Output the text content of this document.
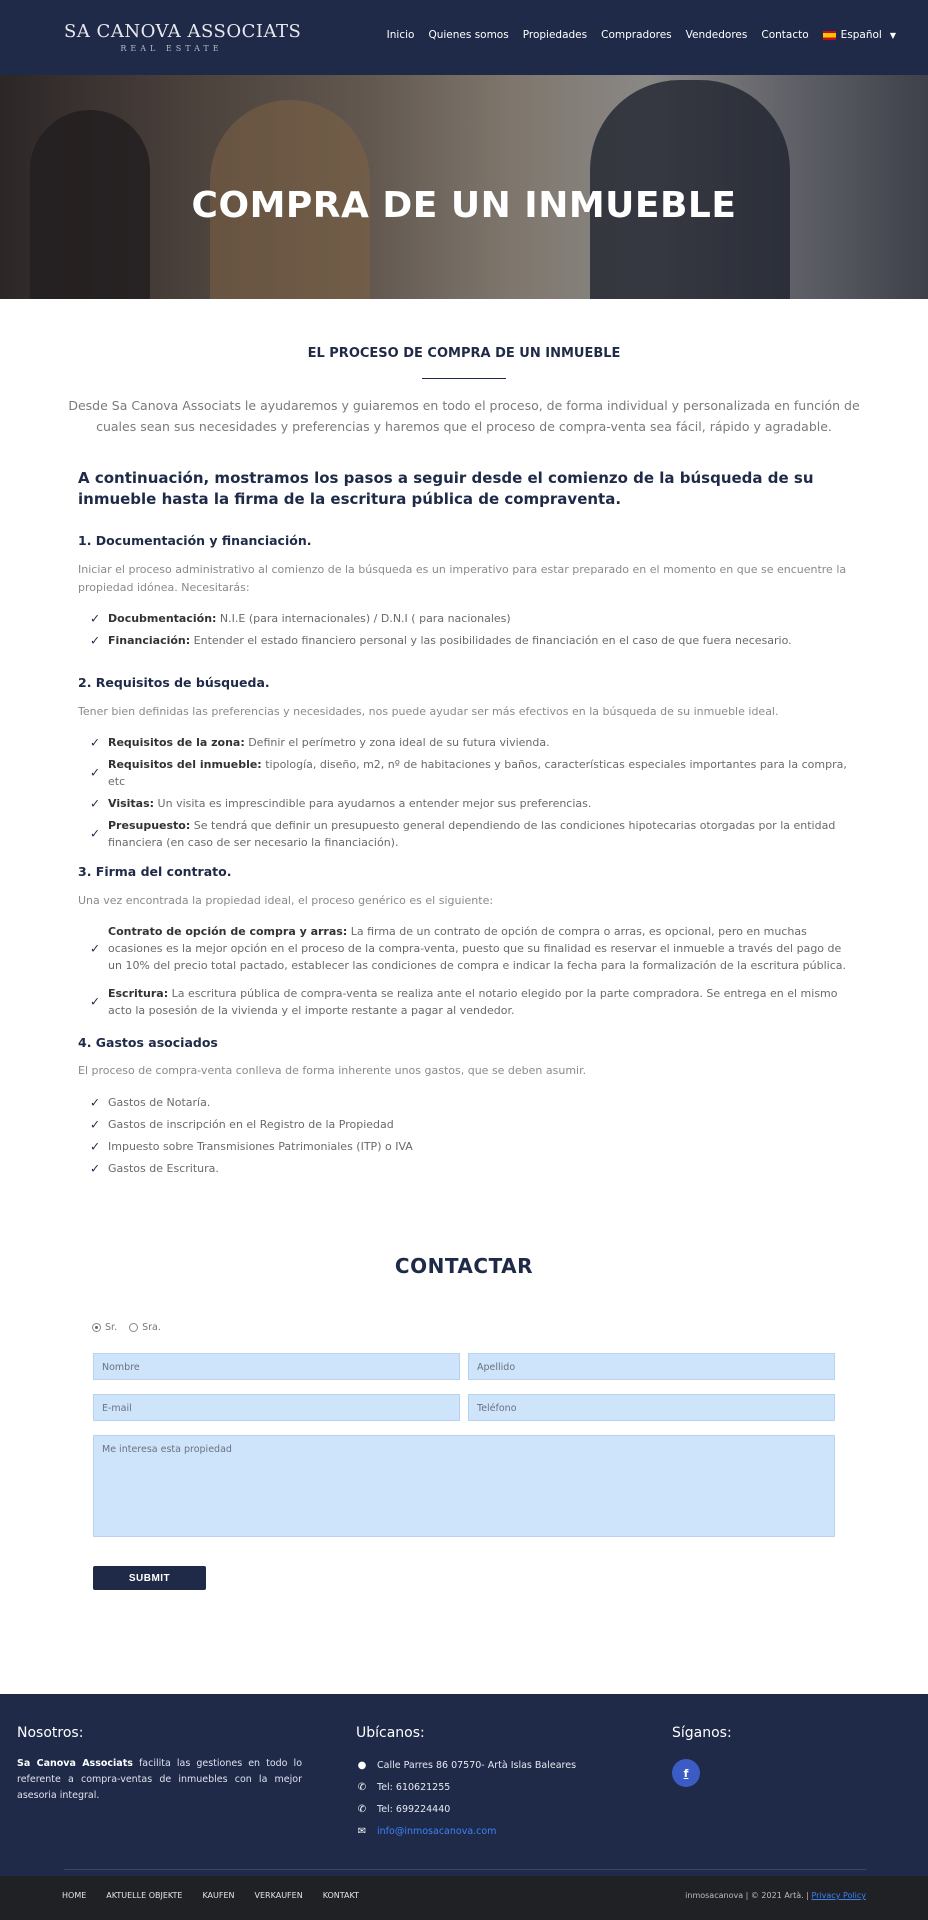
SA CANOVA ASSOCIATS
REAL ESTATE
Inicio Quienes somos Propiedades Compradores Vendedores Contacto	Español ▼
COMPRA DE UN INMUEBLE
EL PROCESO DE COMPRA DE UN INMUEBLE

Desde Sa Canova Associats le ayudaremos y guiaremos en todo el proceso, de forma individual y personalizada en función de cuales sean sus necesidades y preferencias y haremos que el proceso de compra-venta sea fácil, rápido y agradable.

A continuación, mostramos los pasos a seguir desde el comienzo de la búsqueda de su inmueble hasta la firma de la escritura pública de compraventa.

1. Documentación y financiación.

Iniciar el proceso administrativo al comienzo de la búsqueda es un imperativo para estar preparado en el momento en que se encuentre la propiedad idónea. Necesitarás:

✓ Docubmentación: N.I.E (para internacionales) / D.N.I ( para nacionales)
✓ Financiación: Entender el estado financiero personal y las posibilidades de financiación en el caso de que fuera necesario.
2. Requisitos de búsqueda.

Tener bien definidas las preferencias y necesidades, nos puede ayudar ser más efectivos en la búsqueda de su inmueble ideal.

✓ Requisitos de la zona: Definir el perímetro y zona ideal de su futura vivienda.
✓
Requisitos del inmueble: tipología, diseño, m2, nº de habitaciones y baños, características especiales importantes para la compra, etc
✓ Visitas: Un visita es imprescindible para ayudarnos a entender mejor sus preferencias.
✓
Presupuesto: Se tendrá que definir un presupuesto general dependiendo de las condiciones hipotecarias otorgadas por la entidad financiera (en caso de ser necesario la financiación).
3. Firma del contrato.

Una vez encontrada la propiedad ideal, el proceso genérico es el siguiente:

✓
Contrato de opción de compra y arras: La firma de un contrato de opción de compra o arras, es opcional, pero en muchas ocasiones es la mejor opción en el proceso de la compra-venta, puesto que su finalidad es reservar el inmueble a través del pago de un 10% del precio total pactado, establecer las condiciones de compra e indicar la fecha para la formalización de la escritura pública.
✓
Escritura: La escritura pública de compra-venta se realiza ante el notario elegido por la parte compradora. Se entrega en el mismo acto la posesión de la vivienda y el importe restante a pagar al vendedor.
4. Gastos asociados

El proceso de compra-venta conlleva de forma inherente unos gastos, que se deben asumir.

✓ Gastos de Notaría.
✓ Gastos de inscripción en el Registro de la Propiedad
✓ Impuesto sobre Transmisiones Patrimoniales (ITP) o IVA
✓ Gastos de Escritura.
CONTACTAR
Sr.	Sra.
Nombre	Apellido
E-mail	Teléfono
Me interesa esta propiedad
SUBMIT
Nosotros:

Sa Canova Associats facilita las gestiones en todo lo referente a compra-ventas de inmuebles con la mejor asesoria integral.

Ubícanos:
● Calle Parres 86 07570- Artà Islas Baleares
✆ Tel: 610621255
✆ Tel: 699224440
✉ info@inmosacanova.com
Síganos:
f
HOME	AKTUELLE OBJEKTE	KAUFEN	VERKAUFEN	KONTAKT	inmosacanova | © 2021 Artà. | Privacy Policy
